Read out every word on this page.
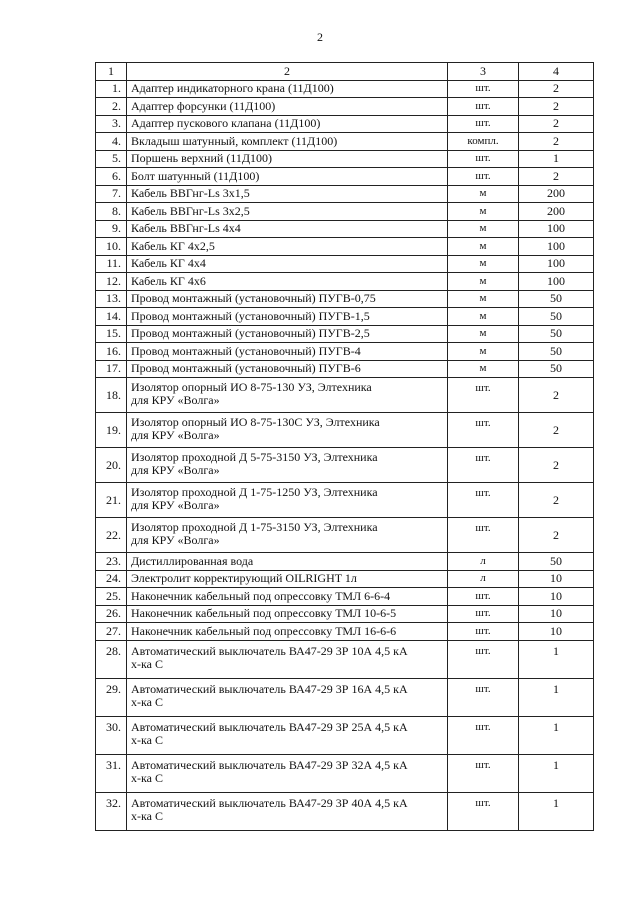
2
1	2	3	4
1.	Адаптер индикаторного крана (11Д100)	шт.	2
2.	Адаптер форсунки (11Д100)	шт.	2
3.	Адаптер пускового клапана (11Д100)	шт.	2
4.	Вкладыш шатунный, комплект (11Д100)	компл.	2
5.	Поршень верхний (11Д100)	шт.	1
6.	Болт шатунный (11Д100)	шт.	2
7.	Кабель ВВГнг-Ls 3х1,5	м	200
8.	Кабель ВВГнг-Ls 3х2,5	м	200
9.	Кабель ВВГнг-Ls 4х4	м	100
10.	Кабель КГ 4х2,5	м	100
11.	Кабель КГ 4х4	м	100
12.	Кабель КГ 4х6	м	100
13.	Провод монтажный (установочный) ПУГВ-0,75	м	50
14.	Провод монтажный (установочный) ПУГВ-1,5	м	50
15.	Провод монтажный (установочный) ПУГВ-2,5	м	50
16.	Провод монтажный (установочный) ПУГВ-4	м	50
17.	Провод монтажный (установочный) ПУГВ-6	м	50
18.	Изолятор опорный ИО 8-75-130 УЗ, Элтехника
для КРУ «Волга»	шт.	2
19.	Изолятор опорный ИО 8-75-130С УЗ, Элтехника
для КРУ «Волга»	шт.	2
20.	Изолятор проходной Д 5-75-3150 УЗ, Элтехника
для КРУ «Волга»	шт.	2
21.	Изолятор проходной Д 1-75-1250 УЗ, Элтехника
для КРУ «Волга»	шт.	2
22.	Изолятор проходной Д 1-75-3150 УЗ, Элтехника
для КРУ «Волга»	шт.	2
23.	Дистиллированная вода	л	50
24.	Электролит корректирующий OILRIGHT 1л	л	10
25.	Наконечник кабельный под опрессовку ТМЛ 6-6-4	шт.	10
26.	Наконечник кабельный под опрессовку ТМЛ 10-6-5	шт.	10
27.	Наконечник кабельный под опрессовку ТМЛ 16-6-6	шт.	10
28.	Автоматический выключатель ВА47-29 3Р 10А 4,5 кА
х-ка С	шт.	1
29.	Автоматический выключатель ВА47-29 3Р 16А 4,5 кА
х-ка С	шт.	1
30.	Автоматический выключатель ВА47-29 3Р 25А 4,5 кА
х-ка С	шт.	1
31.	Автоматический выключатель ВА47-29 3Р 32А 4,5 кА
х-ка С	шт.	1
32.	Автоматический выключатель ВА47-29 3Р 40А 4,5 кА
х-ка С	шт.	1
